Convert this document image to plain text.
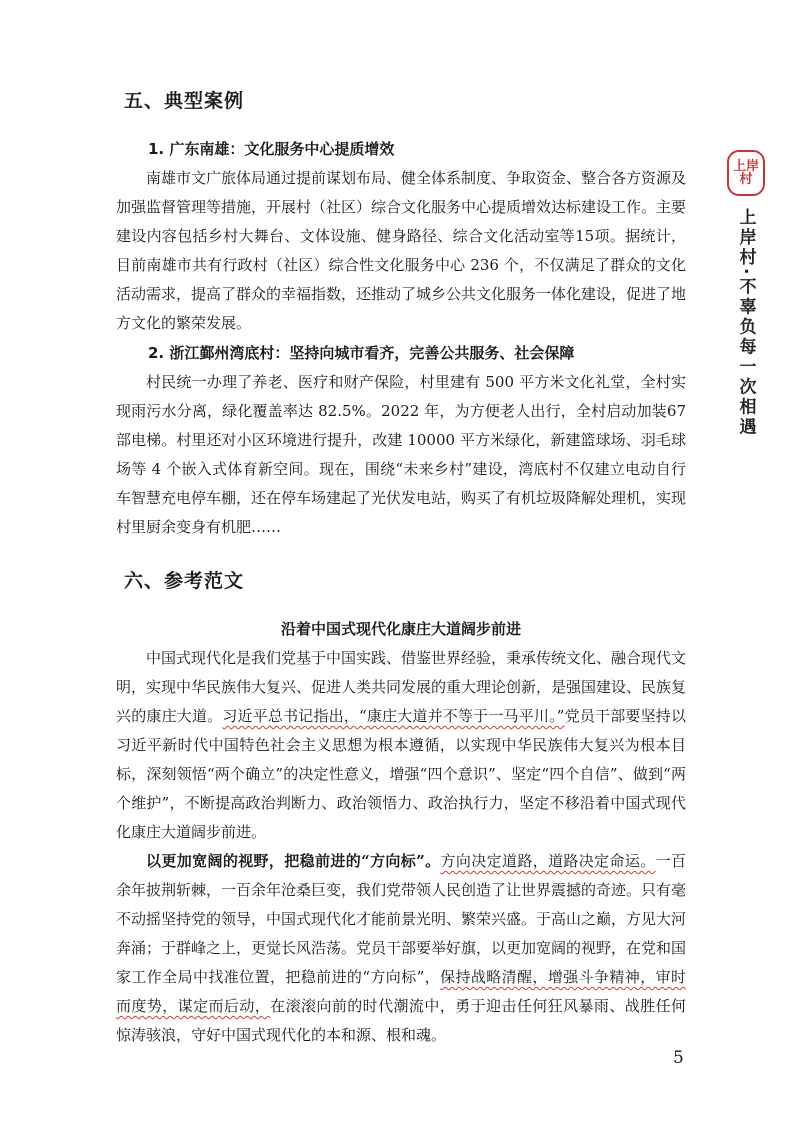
五、典型案例
1. 广东南雄：文化服务中心提质增效

南雄市文广旅体局通过提前谋划布局、健全体系制度、争取资金、整合各方资源及加强监督管理等措施，开展村（社区）综合文化服务中心提质增效达标建设工作。主要建设内容包括乡村大舞台、文体设施、健身路径、综合文化活动室等15项。据统计，目前南雄市共有行政村（社区）综合性文化服务中心 236 个，不仅满足了群众的文化活动需求，提高了群众的幸福指数，还推动了城乡公共文化服务一体化建设，促进了地方文化的繁荣发展。

2. 浙江鄞州湾底村：坚持向城市看齐，完善公共服务、社会保障

村民统一办理了养老、医疗和财产保险，村里建有 500 平方米文化礼堂，全村实现雨污水分离，绿化覆盖率达 82.5%。2022 年，为方便老人出行，全村启动加装67 部电梯。村里还对小区环境进行提升，改建 10000 平方米绿化，新建篮球场、羽毛球场等 4 个嵌入式体育新空间。现在，围绕“未来乡村”建设，湾底村不仅建立电动自行车智慧充电停车棚，还在停车场建起了光伏发电站，购买了有机垃圾降解处理机，实现村里厨余变身有机肥……

六、参考范文
沿着中国式现代化康庄大道阔步前进

中国式现代化是我们党基于中国实践、借鉴世界经验，秉承传统文化、融合现代文明，实现中华民族伟大复兴、促进人类共同发展的重大理论创新，是强国建设、民族复兴的康庄大道。习近平总书记指出，“康庄大道并不等于一马平川。”党员干部要坚持以习近平新时代中国特色社会主义思想为根本遵循，以实现中华民族伟大复兴为根本目标，深刻领悟“两个确立”的决定性意义，增强“四个意识”、坚定“四个自信”、做到“两个维护”，不断提高政治判断力、政治领悟力、政治执行力，坚定不移沿着中国式现代化康庄大道阔步前进。

以更加宽阔的视野，把稳前进的“方向标”。方向决定道路，道路决定命运。一百余年披荆斩棘，一百余年沧桑巨变，我们党带领人民创造了让世界震撼的奇迹。只有毫不动摇坚持党的领导，中国式现代化才能前景光明、繁荣兴盛。于高山之巅，方见大河奔涌；于群峰之上，更觉长风浩荡。党员干部要举好旗，以更加宽阔的视野，在党和国家工作全局中找准位置，把稳前进的“方向标”，保持战略清醒，增强斗争精神，审时而度势，谋定而后动，在滚滚向前的时代潮流中，勇于迎击任何狂风暴雨、战胜任何惊涛骇浪，守好中国式现代化的本和源、根和魂。

上岸
村
上岸村·不辜负每一次相遇
5
